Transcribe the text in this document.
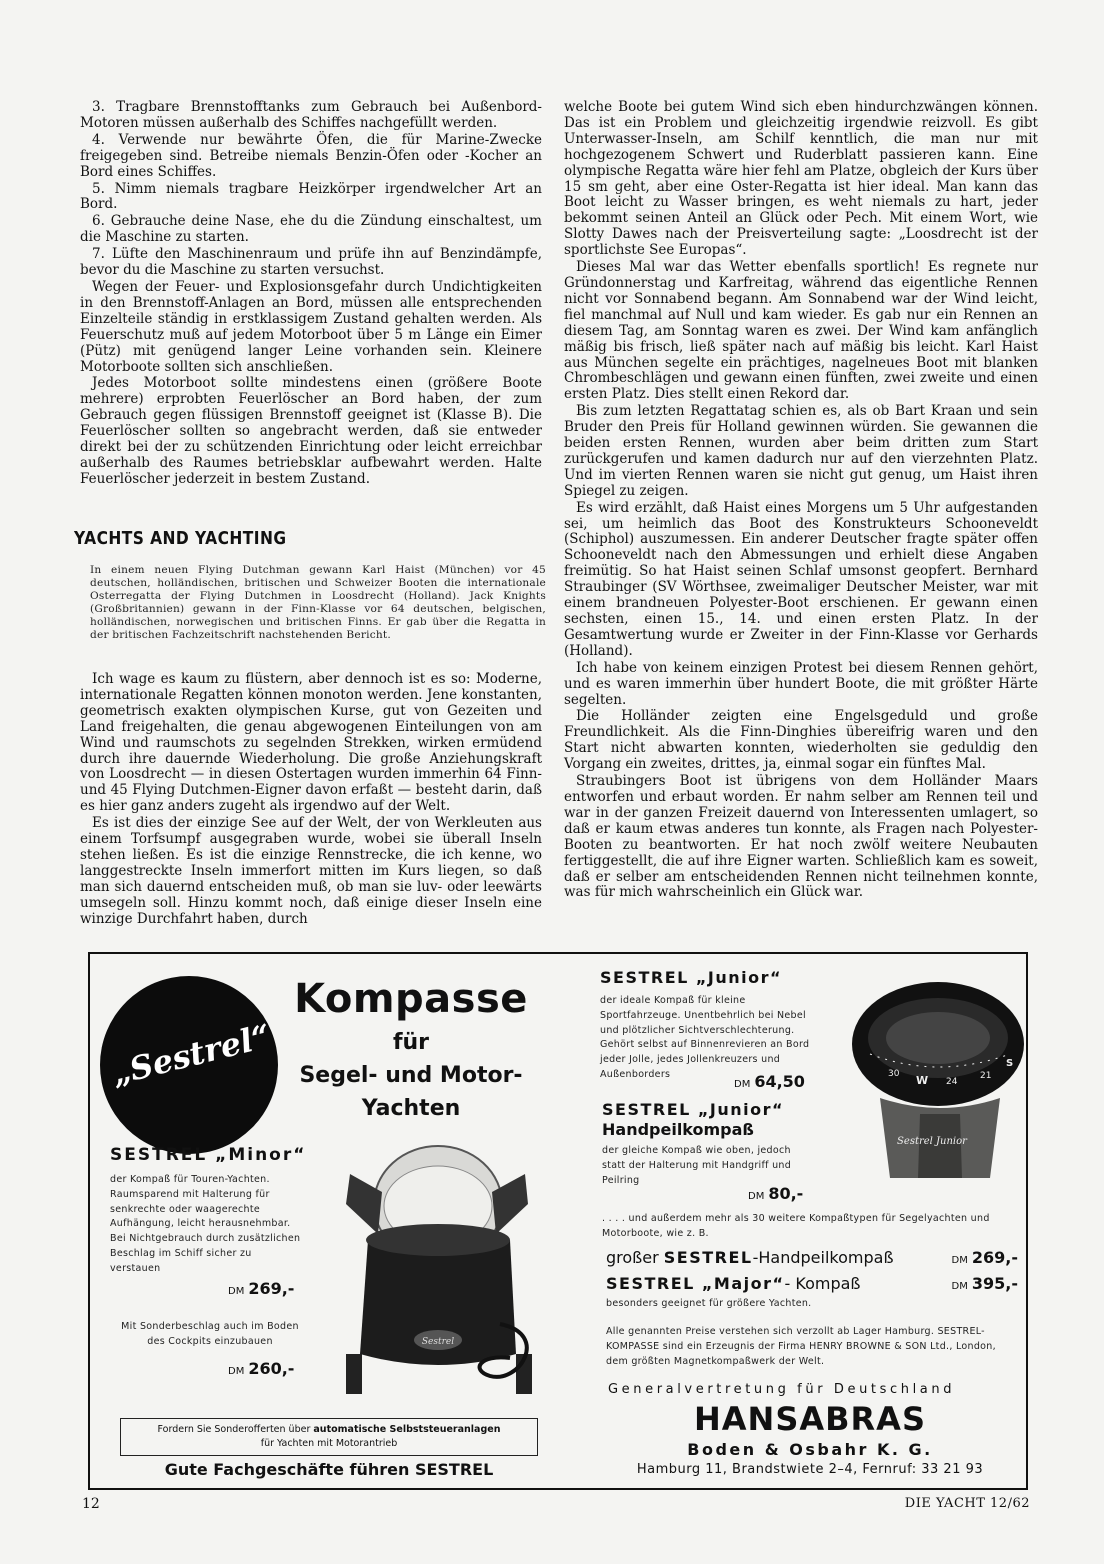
3. Tragbare Brennstofftanks zum Gebrauch bei Außenbord-Motoren müssen außerhalb des Schiffes nachgefüllt werden.

4. Verwende nur bewährte Öfen, die für Marine-Zwecke freigegeben sind. Betreibe niemals Benzin-Öfen oder -Kocher an Bord eines Schiffes.

5. Nimm niemals tragbare Heizkörper irgendwelcher Art an Bord.

6. Gebrauche deine Nase, ehe du die Zündung einschaltest, um die Maschine zu starten.

7. Lüfte den Maschinenraum und prüfe ihn auf Benzindämpfe, bevor du die Maschine zu starten versuchst.

Wegen der Feuer- und Explosionsgefahr durch Undichtigkeiten in den Brennstoff-Anlagen an Bord, müssen alle entsprechenden Einzelteile ständig in erstklassigem Zustand gehalten werden. Als Feuerschutz muß auf jedem Motorboot über 5 m Länge ein Eimer (Pütz) mit genügend langer Leine vorhanden sein. Kleinere Motorboote sollten sich anschließen.

Jedes Motorboot sollte mindestens einen (größere Boote mehrere) erprobten Feuerlöscher an Bord haben, der zum Gebrauch gegen flüssigen Brennstoff geeignet ist (Klasse B). Die Feuerlöscher sollten so angebracht werden, daß sie entweder direkt bei der zu schützenden Einrichtung oder leicht erreichbar außerhalb des Raumes betriebsklar aufbewahrt werden. Halte Feuerlöscher jederzeit in bestem Zustand.

YACHTS AND YACHTING
In einem neuen Flying Dutchman gewann Karl Haist (München) vor 45 deutschen, holländischen, britischen und Schweizer Booten die internationale Osterregatta der Flying Dutchmen in Loosdrecht (Holland). Jack Knights (Großbritannien) gewann in der Finn-Klasse vor 64 deutschen, belgischen, holländischen, norwegischen und britischen Finns. Er gab über die Regatta in der britischen Fachzeitschrift nachstehenden Bericht.

Ich wage es kaum zu flüstern, aber dennoch ist es so: Moderne, internationale Regatten können monoton werden. Jene konstanten, geometrisch exakten olympischen Kurse, gut von Gezeiten und Land freigehalten, die genau abgewogenen Einteilungen von am Wind und raumschots zu segelnden Strekken, wirken ermüdend durch ihre dauernde Wiederholung. Die große Anziehungskraft von Loosdrecht — in diesen Ostertagen wurden immerhin 64 Finn- und 45 Flying Dutchmen-Eigner davon erfaßt — besteht darin, daß es hier ganz anders zugeht als irgendwo auf der Welt.

Es ist dies der einzige See auf der Welt, der von Werkleuten aus einem Torfsumpf ausgegraben wurde, wobei sie überall Inseln stehen ließen. Es ist die einzige Rennstrecke, die ich kenne, wo langgestreckte Inseln immerfort mitten im Kurs liegen, so daß man sich dauernd entscheiden muß, ob man sie luv- oder leewärts umsegeln soll. Hinzu kommt noch, daß einige dieser Inseln eine winzige Durchfahrt haben, durch

welche Boote bei gutem Wind sich eben hindurchzwängen können. Das ist ein Problem und gleichzeitig irgendwie reizvoll. Es gibt Unterwasser-Inseln, am Schilf kenntlich, die man nur mit hochgezogenem Schwert und Ruderblatt passieren kann. Eine olympische Regatta wäre hier fehl am Platze, obgleich der Kurs über 15 sm geht, aber eine Oster-Regatta ist hier ideal. Man kann das Boot leicht zu Wasser bringen, es weht niemals zu hart, jeder bekommt seinen Anteil an Glück oder Pech. Mit einem Wort, wie Slotty Dawes nach der Preisverteilung sagte: „Loosdrecht ist der sportlichste See Europas“.

Dieses Mal war das Wetter ebenfalls sportlich! Es regnete nur Gründonnerstag und Karfreitag, während das eigentliche Rennen nicht vor Sonnabend begann. Am Sonnabend war der Wind leicht, fiel manchmal auf Null und kam wieder. Es gab nur ein Rennen an diesem Tag, am Sonntag waren es zwei. Der Wind kam anfänglich mäßig bis frisch, ließ später nach auf mäßig bis leicht. Karl Haist aus München segelte ein prächtiges, nagelneues Boot mit blanken Chrombeschlägen und gewann einen fünften, zwei zweite und einen ersten Platz. Dies stellt einen Rekord dar.

Bis zum letzten Regattatag schien es, als ob Bart Kraan und sein Bruder den Preis für Holland gewinnen würden. Sie gewannen die beiden ersten Rennen, wurden aber beim dritten zum Start zurückgerufen und kamen dadurch nur auf den vierzehnten Platz. Und im vierten Rennen waren sie nicht gut genug, um Haist ihren Spiegel zu zeigen.

Es wird erzählt, daß Haist eines Morgens um 5 Uhr aufgestanden sei, um heimlich das Boot des Konstrukteurs Schooneveldt (Schiphol) auszumessen. Ein anderer Deutscher fragte später offen Schooneveldt nach den Abmessungen und erhielt diese Angaben freimütig. So hat Haist seinen Schlaf umsonst geopfert. Bernhard Straubinger (SV Wörthsee, zweimaliger Deutscher Meister, war mit einem brandneuen Polyester-Boot erschienen. Er gewann einen sechsten, einen 15., 14. und einen ersten Platz. In der Gesamtwertung wurde er Zweiter in der Finn-Klasse vor Gerhards (Holland).

Ich habe von keinem einzigen Protest bei diesem Rennen gehört, und es waren immerhin über hundert Boote, die mit größter Härte segelten.

Die Holländer zeigten eine Engelsgeduld und große Freundlichkeit. Als die Finn-Dinghies übereifrig waren und den Start nicht abwarten konnten, wiederholten sie geduldig den Vorgang ein zweites, drittes, ja, einmal sogar ein fünftes Mal.

Straubingers Boot ist übrigens von dem Holländer Maars entworfen und erbaut worden. Er nahm selber am Rennen teil und war in der ganzen Freizeit dauernd von Interessenten umlagert, so daß er kaum etwas anderes tun konnte, als Fragen nach Polyester-Booten zu beantworten. Er hat noch zwölf weitere Neubauten fertiggestellt, die auf ihre Eigner warten. Schließlich kam es soweit, daß er selber am entscheidenden Rennen nicht teilnehmen konnte, was für mich wahrscheinlich ein Glück war.

„Sestrel“
Kompasse
für
Segel- und Motor-
Yachten
SESTREL „Minor“
der Kompaß für Touren-Yachten. Raumsparend mit Halterung für senkrechte oder waagerechte Aufhängung, leicht herausnehmbar. Bei Nichtgebrauch durch zusätzlichen Beschlag im Schiff sicher zu verstauen
DM 269,-
Mit Sonderbeschlag auch im Boden des Cockpits einzubauen
DM 260,-
Sestrel
Fordern Sie Sonderofferten über automatische Selbststeueranlagen
für Yachten mit Motorantrieb
Gute Fachgeschäfte führen SESTREL
SESTREL „Junior“
der ideale Kompaß für kleine Sportfahrzeuge. Unentbehrlich bei Nebel und plötzlicher Sichtverschlechterung. Gehört selbst auf Binnenrevieren an Bord jeder Jolle, jedes Jollenkreuzers und Außenborders
DM 64,50	30 W 24
21
S
Sestrel Junior
SESTREL „Junior“
Handpeilkompaß
der gleiche Kompaß wie oben, jedoch statt der Halterung mit Handgriff und Peilring
DM 80,-
. . . . und außerdem mehr als 30 weitere Kompaßtypen für Segelyachten und Motorboote, wie z. B.
großer SESTREL-Handpeilkompaß	DM 269,-
SESTREL „Major“- Kompaß	DM 395,-
besonders geeignet für größere Yachten.
Alle genannten Preise verstehen sich verzollt ab Lager Hamburg. SESTREL-KOMPASSE sind ein Erzeugnis der Firma HENRY BROWNE & SON Ltd., London, dem größten Magnetkompaßwerk der Welt.
Generalvertretung für Deutschland
HANSABRAS
Boden & Osbahr K. G.
Hamburg 11, Brandstwiete 2–4, Fernruf: 33 21 93
12	DIE YACHT 12/62
